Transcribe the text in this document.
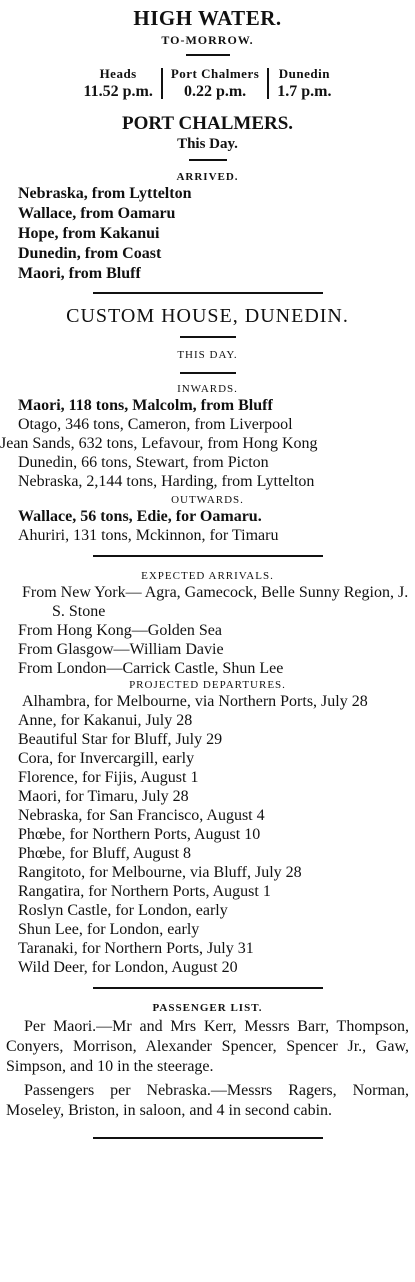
HIGH WATER.
TO-MORROW.
Heads
11.52 p.m.
Port Chalmers
0.22 p.m.
Dunedin
1.7 p.m.
PORT CHALMERS.
This Day.
ARRIVED.
Nebraska, from Lyttelton
Wallace, from Oamaru
Hope, from Kakanui
Dunedin, from Coast
Maori, from Bluff
CUSTOM HOUSE, DUNEDIN.
THIS DAY.
INWARDS.
Maori, 118 tons, Malcolm, from Bluff
Otago, 346 tons, Cameron, from Liverpool
Jean Sands, 632 tons, Lefavour, from Hong Kong
Dunedin, 66 tons, Stewart, from Picton
Nebraska, 2,144 tons, Harding, from Lyttelton
OUTWARDS.
Wallace, 56 tons, Edie, for Oamaru.
Ahuriri, 131 tons, Mckinnon, for Timaru
EXPECTED ARRIVALS.
From New York— Agra, Gamecock, Belle Sunny Region, J. S. Stone
From Hong Kong—Golden Sea
From Glasgow—William Davie
From London—Carrick Castle, Shun Lee
PROJECTED DEPARTURES.
Alhambra, for Melbourne, via Northern Ports, July 28
Anne, for Kakanui, July 28
Beautiful Star for Bluff, July 29
Cora, for Invercargill, early
Florence, for Fijis, August 1
Maori, for Timaru, July 28
Nebraska, for San Francisco, August 4
Phœbe, for Northern Ports, August 10
Phœbe, for Bluff, August 8
Rangitoto, for Melbourne, via Bluff, July 28
Rangatira, for Northern Ports, August 1
Roslyn Castle, for London, early
Shun Lee, for London, early
Taranaki, for Northern Ports, July 31
Wild Deer, for London, August 20
PASSENGER LIST.

Per Maori.—Mr and Mrs Kerr, Messrs Barr, Thompson, Conyers, Morrison, Alexander Spencer, Spencer Jr., Gaw, Simpson, and 10 in the steerage.

Passengers per Nebraska.—Messrs Ragers, Norman, Moseley, Briston, in saloon, and 4 in second cabin.
